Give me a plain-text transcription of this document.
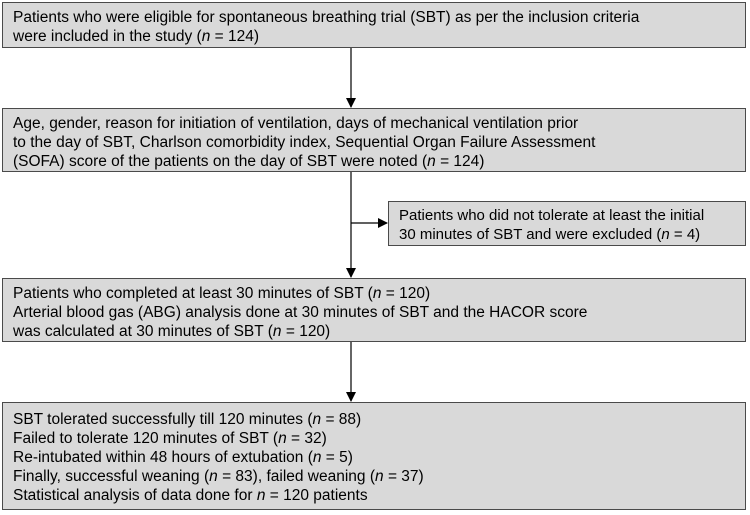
Patients who were eligible for spontaneous breathing trial (SBT) as per the inclusion criteria
were included in the study (n = 124)
Age, gender, reason for initiation of ventilation, days of mechanical ventilation prior
to the day of SBT, Charlson comorbidity index, Sequential Organ Failure Assessment
(SOFA) score of the patients on the day of SBT were noted (n = 124)
Patients who did not tolerate at least the initial
30 minutes of SBT and were excluded (n = 4)
Patients who completed at least 30 minutes of SBT (n = 120)
Arterial blood gas (ABG) analysis done at 30 minutes of SBT and the HACOR score
was calculated at 30 minutes of SBT (n = 120)
SBT tolerated successfully till 120 minutes (n = 88)
Failed to tolerate 120 minutes of SBT (n = 32)
Re-intubated within 48 hours of extubation (n = 5)
Finally, successful weaning (n = 83), failed weaning (n = 37)
Statistical analysis of data done for n = 120 patients
